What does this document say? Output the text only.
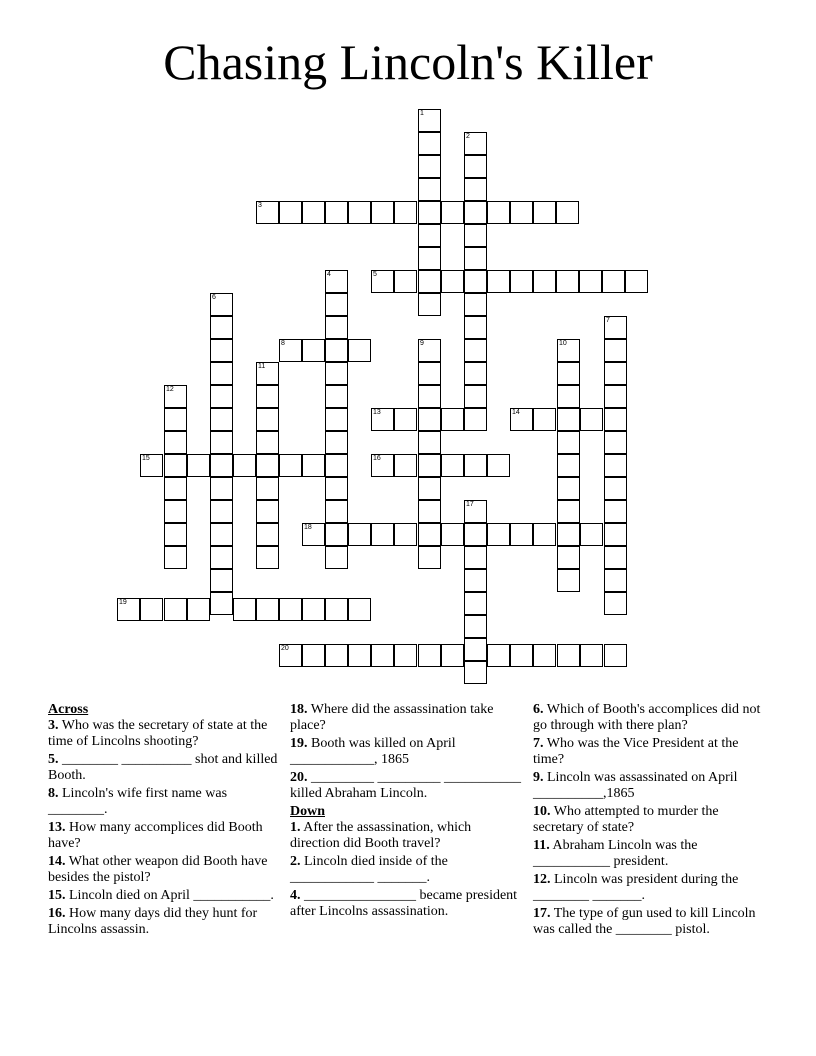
Chasing Lincoln's Killer
1
2
3
4	5
6
7
8	9	10
11
12
13	14
15	16
17
18
19
20
Across
3. Who was the secretary of state at the time of Lincolns shooting?
5. ________ __________ shot and killed Booth.
8. Lincoln's wife first name was ________.
13. How many accomplices did Booth have?
14. What other weapon did Booth have besides the pistol?
15. Lincoln died on April ___________.
16. How many days did they hunt for Lincolns assassin.
18. Where did the assassination take place?
19. Booth was killed on April ____________, 1865
20. _________ _________ ___________ killed Abraham Lincoln.
Down
1. After the assassination, which direction did Booth travel?
2. Lincoln died inside of the ____________ _______.
4. ________________ became president after Lincolns assassination.
6. Which of Booth's accomplices did not go through with there plan?
7. Who was the Vice President at the time?
9. Lincoln was assassinated on April __________,1865
10. Who attempted to murder the secretary of state?
11. Abraham Lincoln was the ___________ president.
12. Lincoln was president during the ________ _______.
17. The type of gun used to kill Lincoln was called the ________ pistol.
